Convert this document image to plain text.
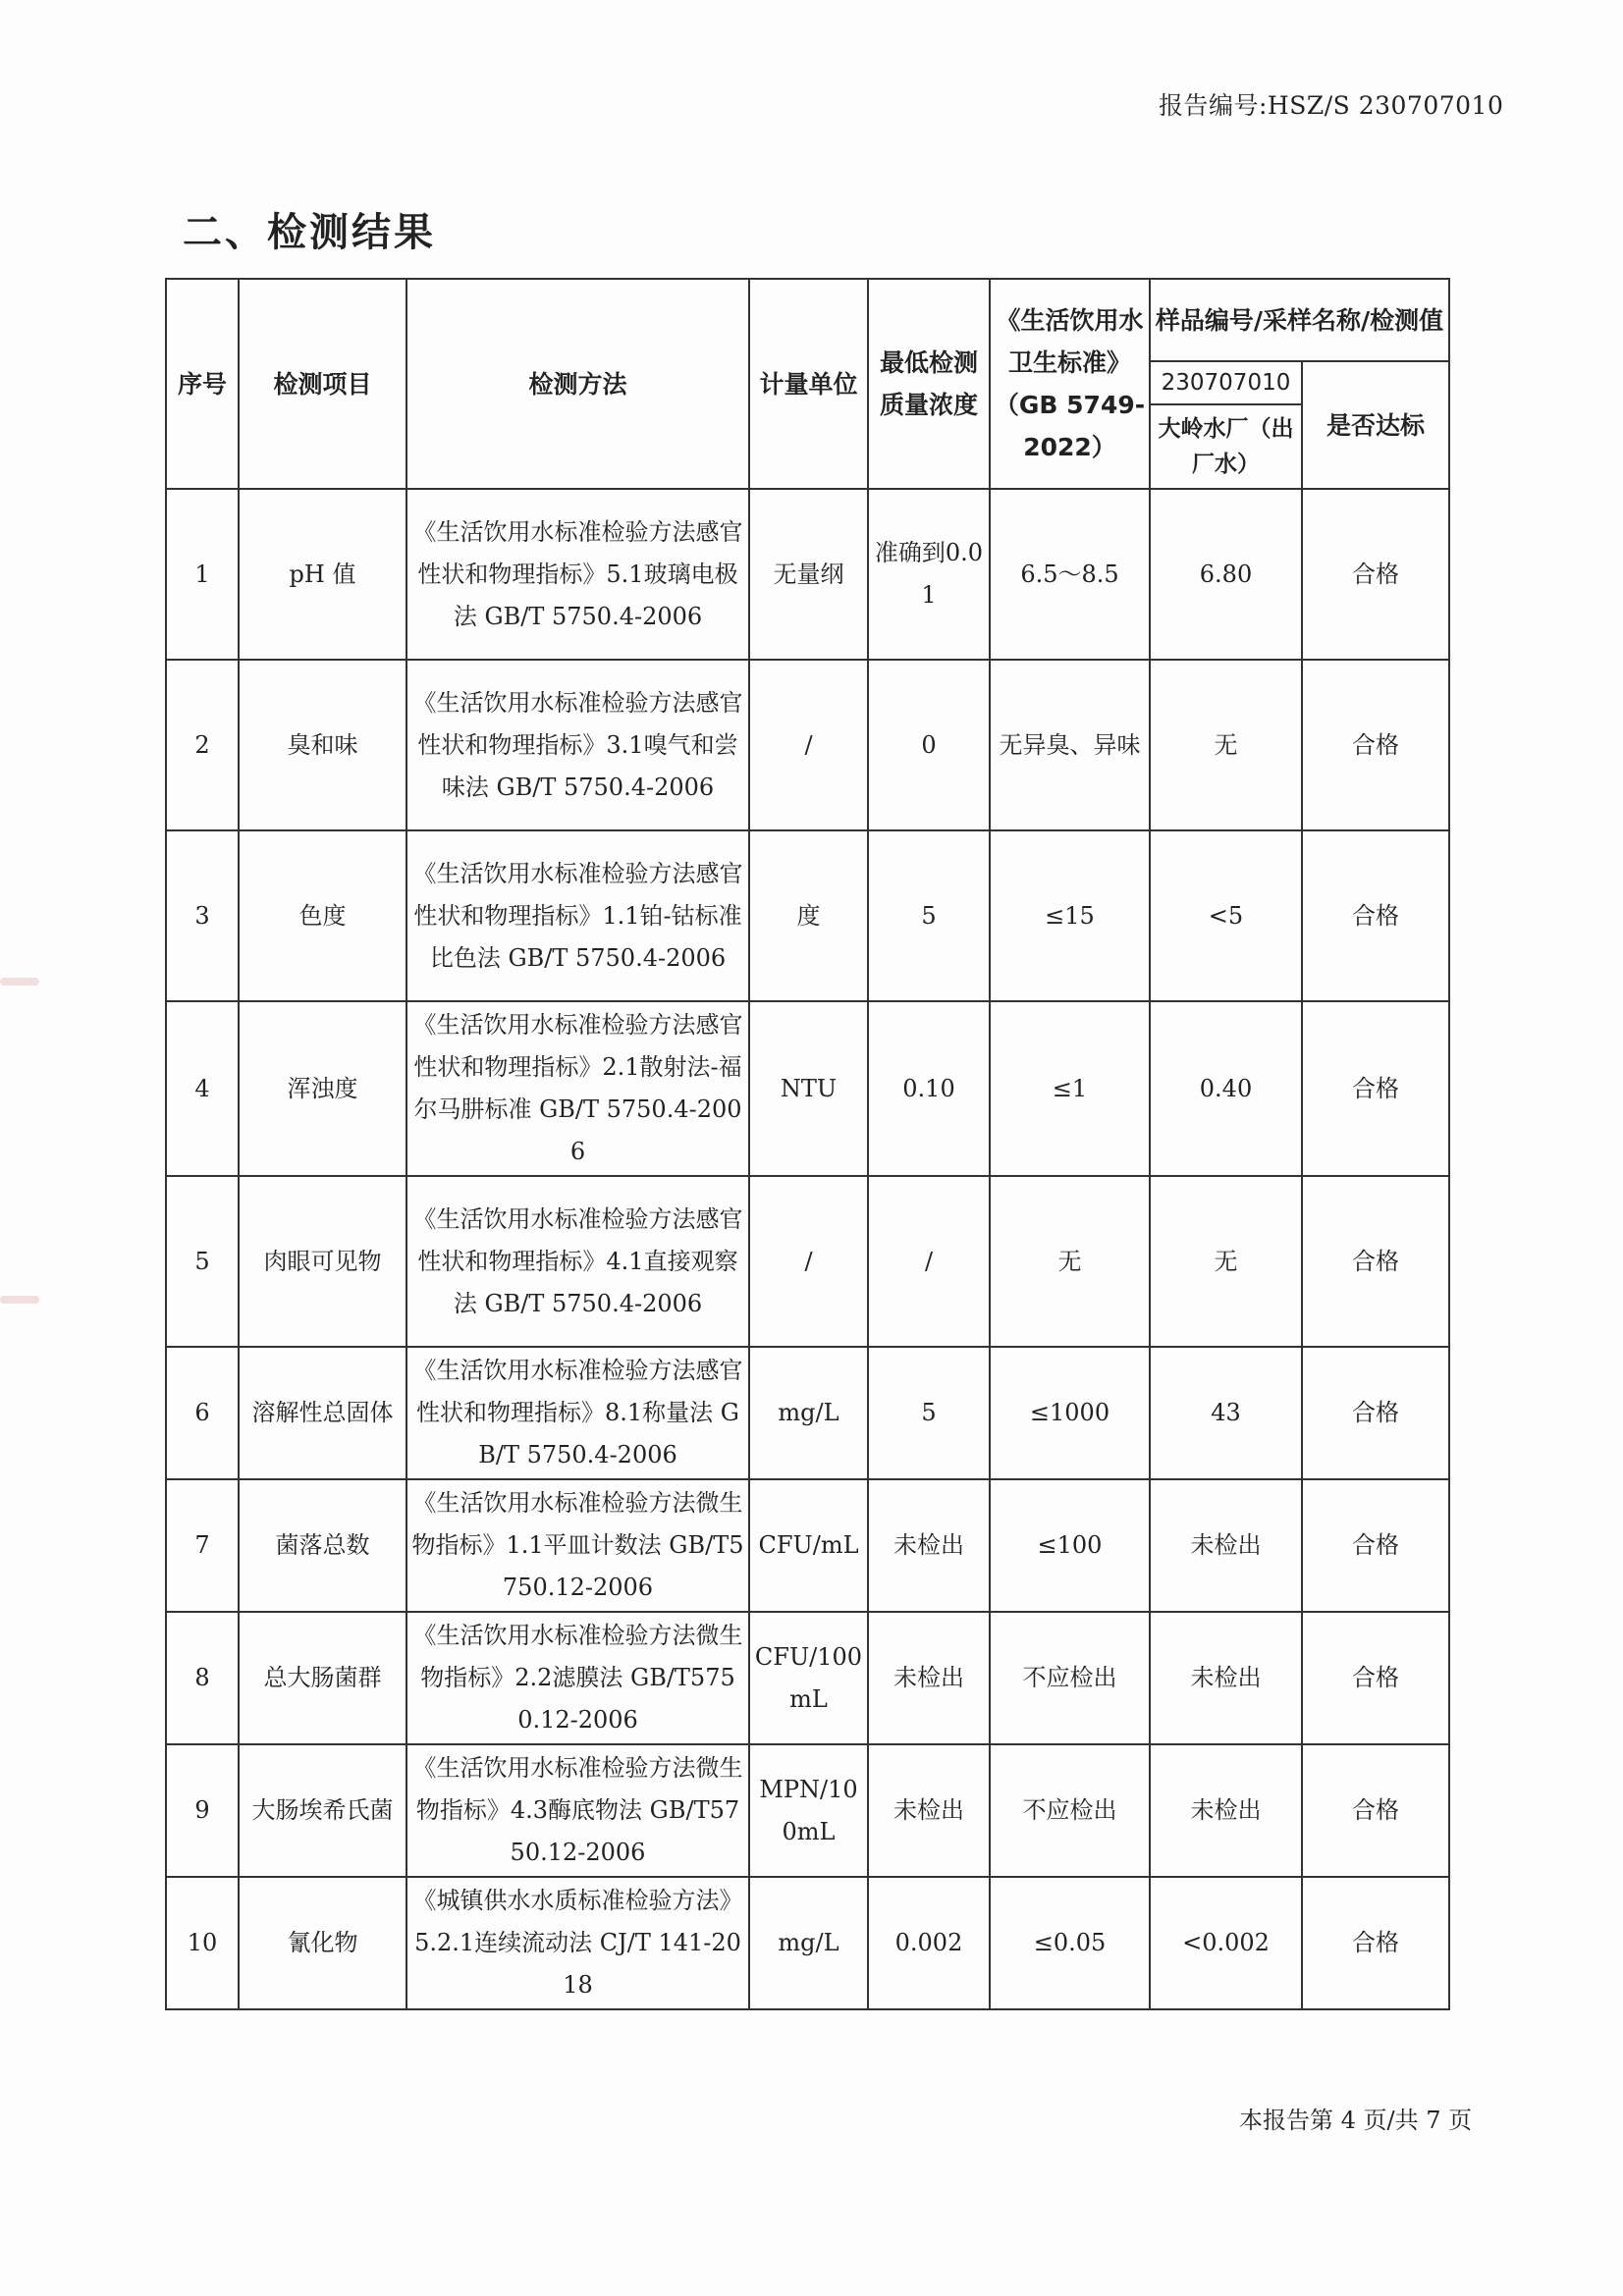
报告编号:HSZ/S 230707010
二、检测结果
序号	检测项目	检测方法	计量单位	最低检测质量浓度	《生活饮用水卫生标准》（GB 5749-2022）	样品编号/采样名称/检测值	
						230707010	是否达标
						大岭水厂（出厂水）	
1	pH 值	《生活饮用水标准检验方法感官性状和物理指标》5.1玻璃电极法 GB/T 5750.4-2006	无量纲	准确到0.01	6.5～8.5	6.80	合格
2	臭和味	《生活饮用水标准检验方法感官性状和物理指标》3.1嗅气和尝味法 GB/T 5750.4-2006	/	0	无异臭、异味	无	合格
3	色度	《生活饮用水标准检验方法感官性状和物理指标》1.1铂-钴标准比色法 GB/T 5750.4-2006	度	5	≤15	<5	合格
4	浑浊度	《生活饮用水标准检验方法感官性状和物理指标》2.1散射法-福尔马肼标准 GB/T 5750.4-2006	NTU	0.10	≤1	0.40	合格
5	肉眼可见物	《生活饮用水标准检验方法感官性状和物理指标》4.1直接观察法 GB/T 5750.4-2006	/	/	无	无	合格
6	溶解性总固体	《生活饮用水标准检验方法感官性状和物理指标》8.1称量法 GB/T 5750.4-2006	mg/L	5	≤1000	43	合格
7	菌落总数	《生活饮用水标准检验方法微生物指标》1.1平皿计数法 GB/T5750.12-2006	CFU/mL	未检出	≤100	未检出	合格
8	总大肠菌群	《生活饮用水标准检验方法微生物指标》2.2滤膜法 GB/T5750.12-2006	CFU/100mL	未检出	不应检出	未检出	合格
9	大肠埃希氏菌	《生活饮用水标准检验方法微生物指标》4.3酶底物法 GB/T5750.12-2006	MPN/100mL	未检出	不应检出	未检出	合格
10	氰化物	《城镇供水水质标准检验方法》5.2.1连续流动法 CJ/T 141-2018	mg/L	0.002	≤0.05	<0.002	合格
本报告第 4 页/共 7 页
